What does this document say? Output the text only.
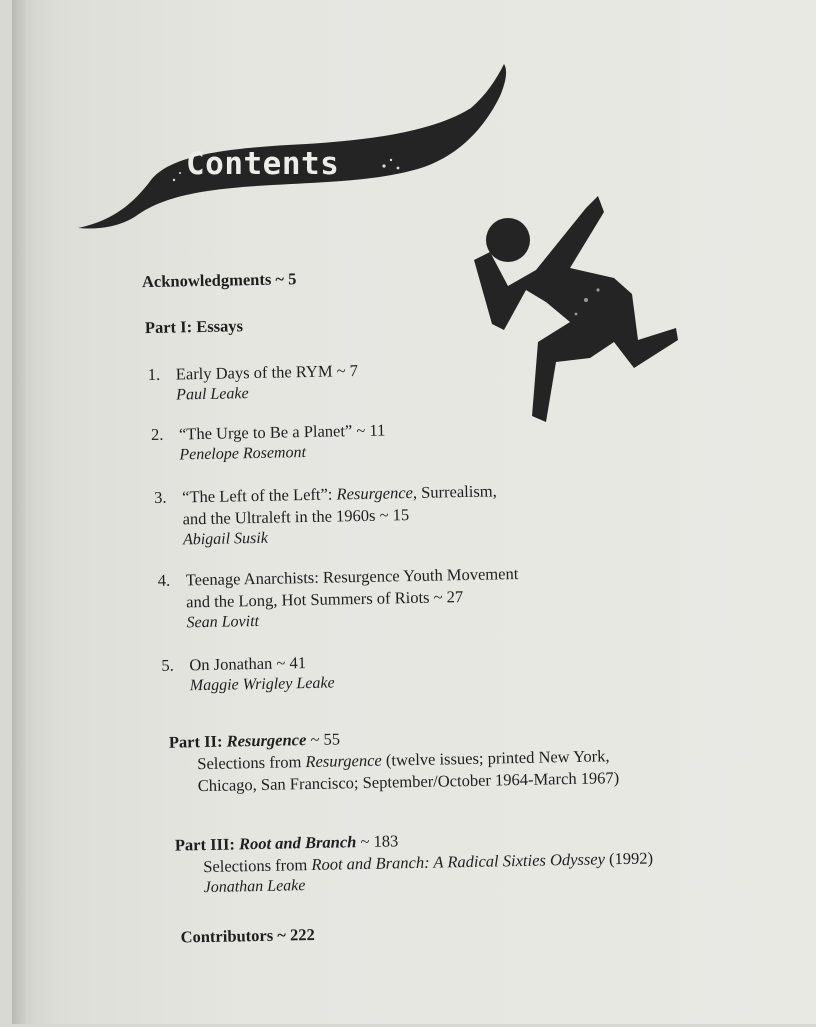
Contents
Acknowledgments ~ 5
Part I: Essays
1. Early Days of the RYM ~ 7
Paul Leake
2. “The Urge to Be a Planet” ~ 11
Penelope Rosemont
3. “The Left of the Left”: Resurgence, Surrealism,
and the Ultraleft in the 1960s ~ 15
Abigail Susik
4. Teenage Anarchists: Resurgence Youth Movement
and the Long, Hot Summers of Riots ~ 27
Sean Lovitt
5. On Jonathan ~ 41
Maggie Wrigley Leake
Part II: Resurgence ~ 55
Selections from Resurgence (twelve issues; printed New York,
Chicago, San Francisco; September/October 1964-March 1967)
Part III: Root and Branch ~ 183
Selections from Root and Branch: A Radical Sixties Odyssey (1992)
Jonathan Leake
Contributors ~ 222
